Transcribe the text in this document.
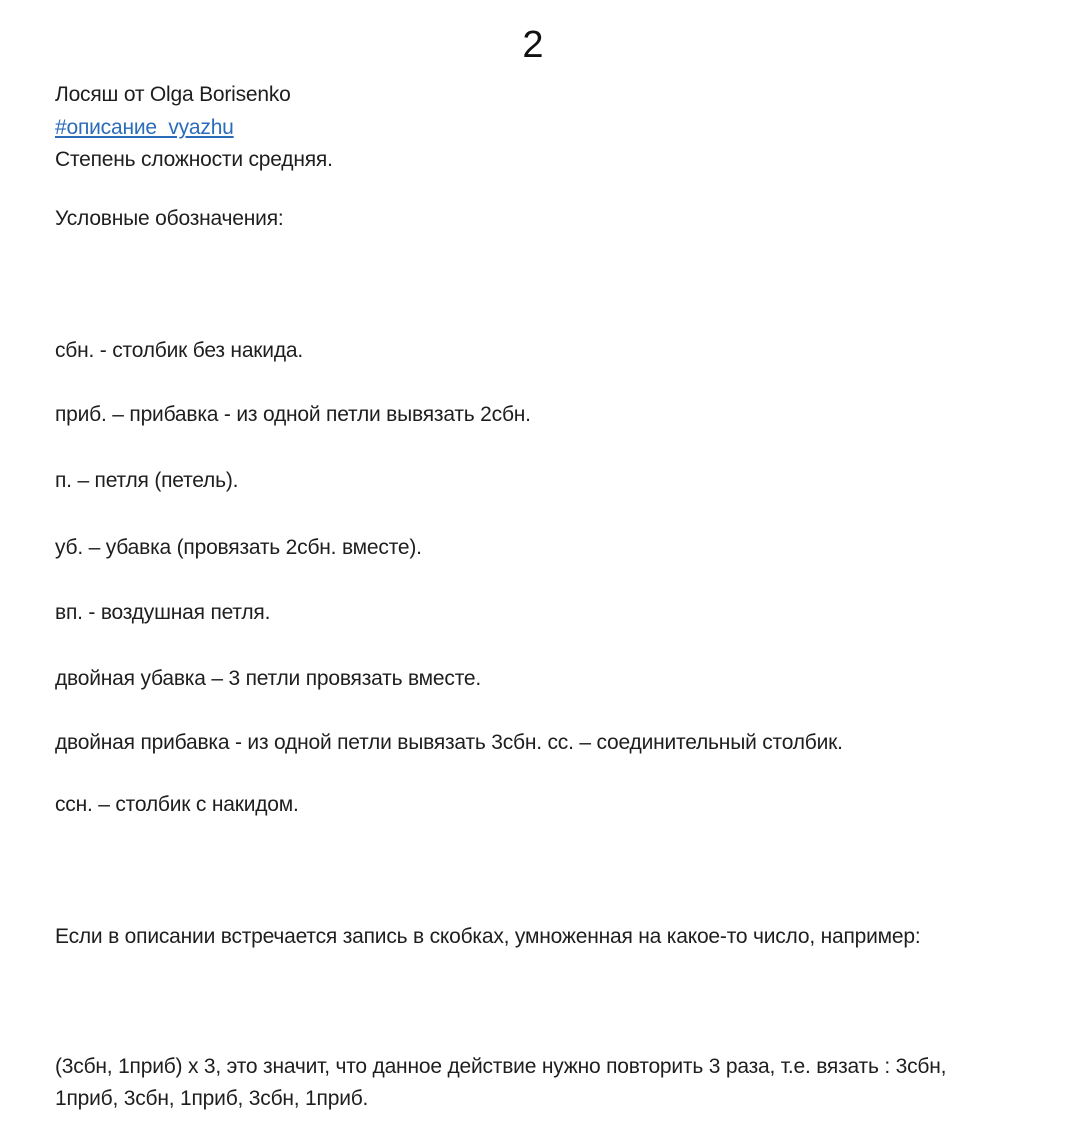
2
Лосяш от Olga Borisenko
#описание_vyazhu
Степень сложности средняя.
Условные обозначения:
сбн. - столбик без накида.
приб. – прибавка - из одной петли вывязать 2сбн.
п. – петля (петель).
уб. – убавка (провязать 2сбн. вместе).
вп. - воздушная петля.
двойная убавка – 3 петли провязать вместе.
двойная прибавка - из одной петли вывязать 3сбн. сс. – соединительный столбик.
ссн. – столбик с накидом.
Если в описании встречается запись в скобках, умноженная на какое-то число, например:
(3сбн, 1приб) х 3, это значит, что данное действие нужно повторить 3 раза, т.е. вязать : 3сбн,
1приб, 3сбн, 1приб, 3сбн, 1приб.
